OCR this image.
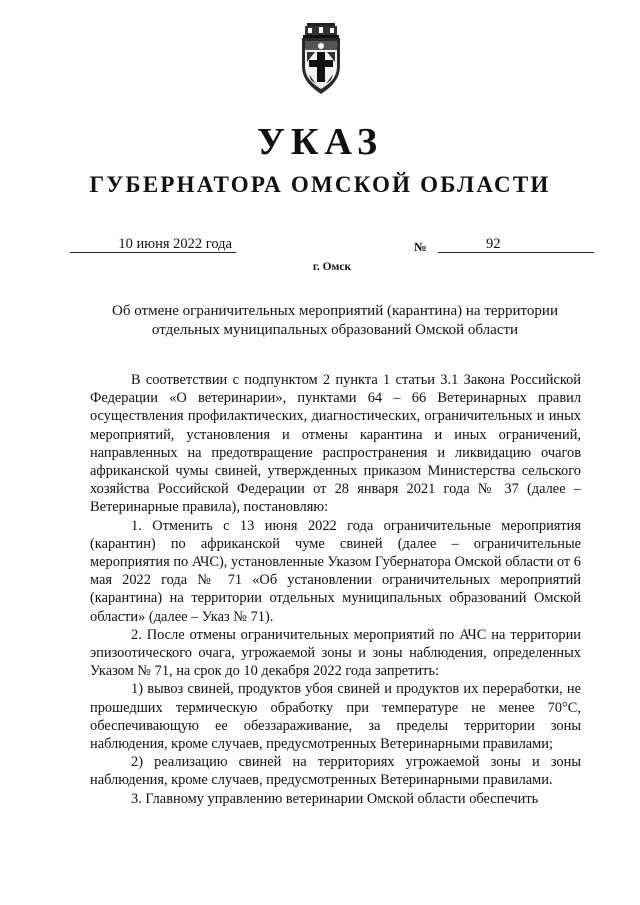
УКАЗ
ГУБЕРНАТОРА ОМСКОЙ ОБЛАСТИ
10 июня 2022 года	№	92

г. Омск
Об отмене ограничительных мероприятий (карантина) на территории
отдельных муниципальных образований Омской области

В соответствии с подпунктом 2 пункта 1 статьи 3.1 Закона Российской Федерации «О ветеринарии», пунктами 64 – 66 Ветеринарных правил осуществления профилактических, диагностических, ограничительных и иных мероприятий, установления и отмены карантина и иных ограничений, направленных на предотвращение распространения и ликвидацию очагов африканской чумы свиней, утвержденных приказом Министерства сельского хозяйства Российской Федерации от 28 января 2021 года № 37 (далее – Ветеринарные правила), постановляю:

1. Отменить с 13 июня 2022 года ограничительные мероприятия (карантин) по африканской чуме свиней (далее – ограничительные мероприятия по АЧС), установленные Указом Губернатора Омской области от 6 мая 2022 года № 71 «Об установлении ограничительных мероприятий (карантина) на территории отдельных муниципальных образований Омской области» (далее – Указ № 71).

2. После отмены ограничительных мероприятий по АЧС на территории эпизоотического очага, угрожаемой зоны и зоны наблюдения, определенных Указом № 71, на срок до 10 декабря 2022 года запретить:

1) вывоз свиней, продуктов убоя свиней и продуктов их переработки, не прошедших термическую обработку при температуре не менее 70°С, обеспечивающую ее обеззараживание, за пределы территории зоны наблюдения, кроме случаев, предусмотренных Ветеринарными правилами;

2) реализацию свиней на территориях угрожаемой зоны и зоны наблюдения, кроме случаев, предусмотренных Ветеринарными правилами.

3. Главному управлению ветеринарии Омской области обеспечить
